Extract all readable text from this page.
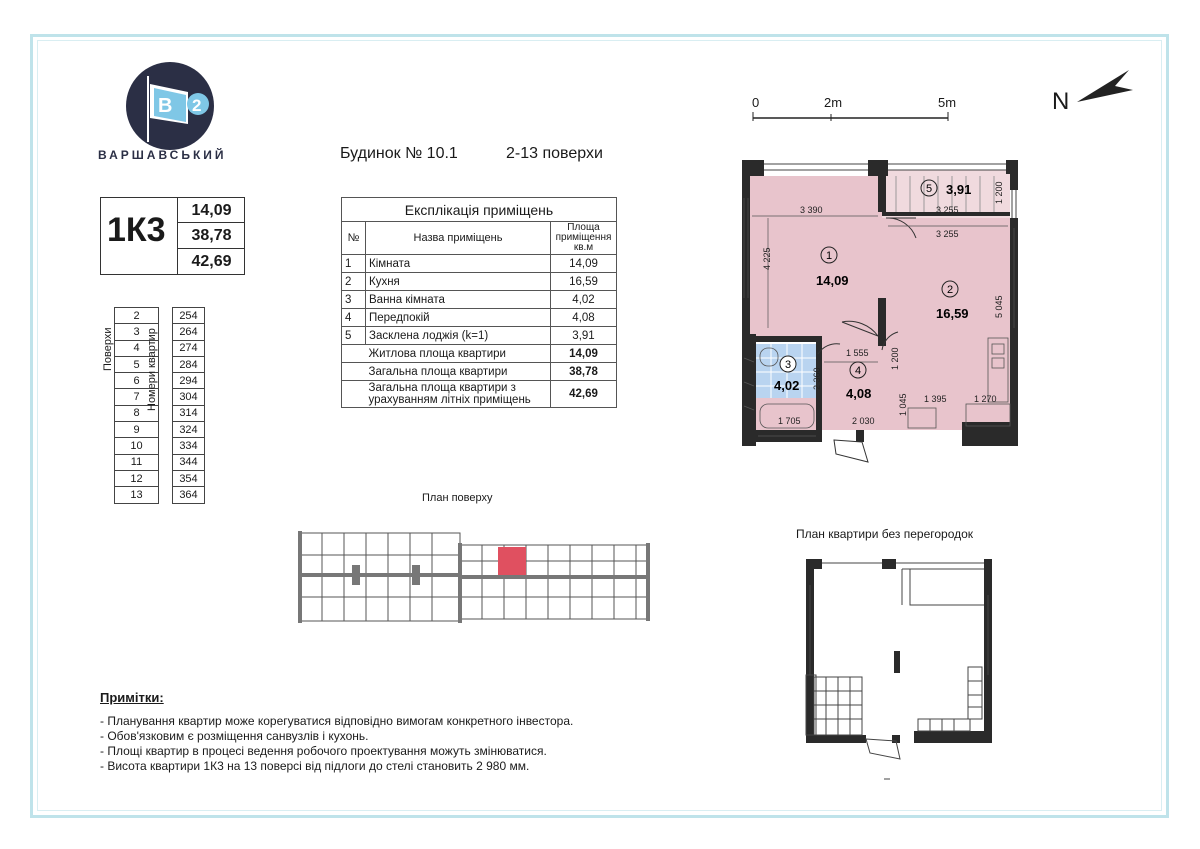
B 2
ВАРШАВСЬКИЙ
1К3
14,09
38,78
42,69
Поверхи	Номери квартир
2		254
3		264
4		274
5		284
6		294
7		304
8		314
9		324
10		334
11		344
12		354
13		364
Будинок № 10.1	2-13 поверхи
Експлікація приміщень		
№	Назва приміщень	Площа
приміщення
кв.м

1	Кімната	14,09
2	Кухня	16,59
3	Ванна кімната	4,02
4	Передпокій	4,08
5	Засклена лоджія (k=1)	3,91
	Житлова площа квартири	14,09
	Загальна площа квартири	38,78

	Загальна площа квартири з
урахуванням літніх приміщень	42,69
0	2m	5m	N
3 390	3 255
3 255
1 200
4 225
5 045
1 555 1 200
2 360
1 395	1 270
1 045
1 705	2 030
1
14,09
2
16,59
3
4,02
4
4,08
5 3,91
План поверху
План квартири без перегородок
Примітки:
- Планування квартир може корегуватися відповідно вимогам конкретного інвестора.
- Обов'язковим є розміщення санвузлів і кухонь.
- Площі квартир в процесі ведення робочого проектування можуть змінюватися.
- Висота квартири 1К3 на 13 поверсі від підлоги до стелі становить 2 980 мм.
